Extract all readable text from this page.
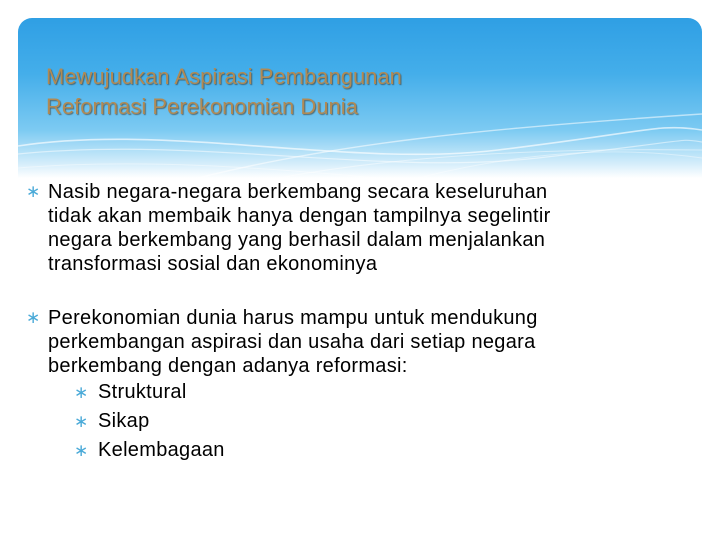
Mewujudkan Aspirasi Pembangunan
Reformasi Perekonomian Dunia
∗ Nasib negara-negara berkembang secara keseluruhan
tidak akan membaik hanya dengan tampilnya segelintir
negara berkembang yang berhasil dalam menjalankan
transformasi sosial dan ekonominya
∗ Perekonomian dunia harus mampu untuk mendukung
perkembangan aspirasi dan usaha dari setiap negara
berkembang dengan adanya reformasi:
∗ Struktural
∗ Sikap
∗ Kelembagaan
